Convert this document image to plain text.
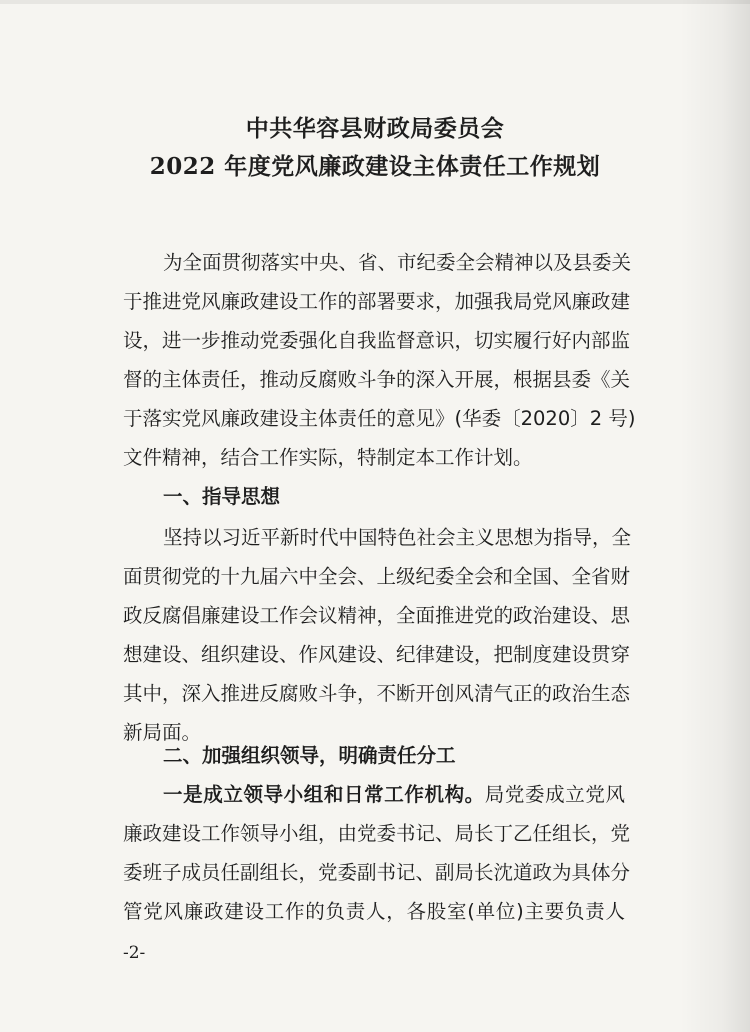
中共华容县财政局委员会
2022 年度党风廉政建设主体责任工作规划
为全面贯彻落实中央、省、市纪委全会精神以及县委关
于推进党风廉政建设工作的部署要求，加强我局党风廉政建
设，进一步推动党委强化自我监督意识，切实履行好内部监
督的主体责任，推动反腐败斗争的深入开展，根据县委《关
于落实党风廉政建设主体责任的意见》(华委〔2020〕2 号)
文件精神，结合工作实际，特制定本工作计划。
一、指导思想
坚持以习近平新时代中国特色社会主义思想为指导，全
面贯彻党的十九届六中全会、上级纪委全会和全国、全省财
政反腐倡廉建设工作会议精神，全面推进党的政治建设、思
想建设、组织建设、作风建设、纪律建设，把制度建设贯穿
其中，深入推进反腐败斗争，不断开创风清气正的政治生态
新局面。
二、加强组织领导，明确责任分工
一是成立领导小组和日常工作机构。局党委成立党风
廉政建设工作领导小组，由党委书记、局长丁乙任组长，党
委班子成员任副组长，党委副书记、副局长沈道政为具体分
管党风廉政建设工作的负责人，各股室(单位)主要负责人
-2-
